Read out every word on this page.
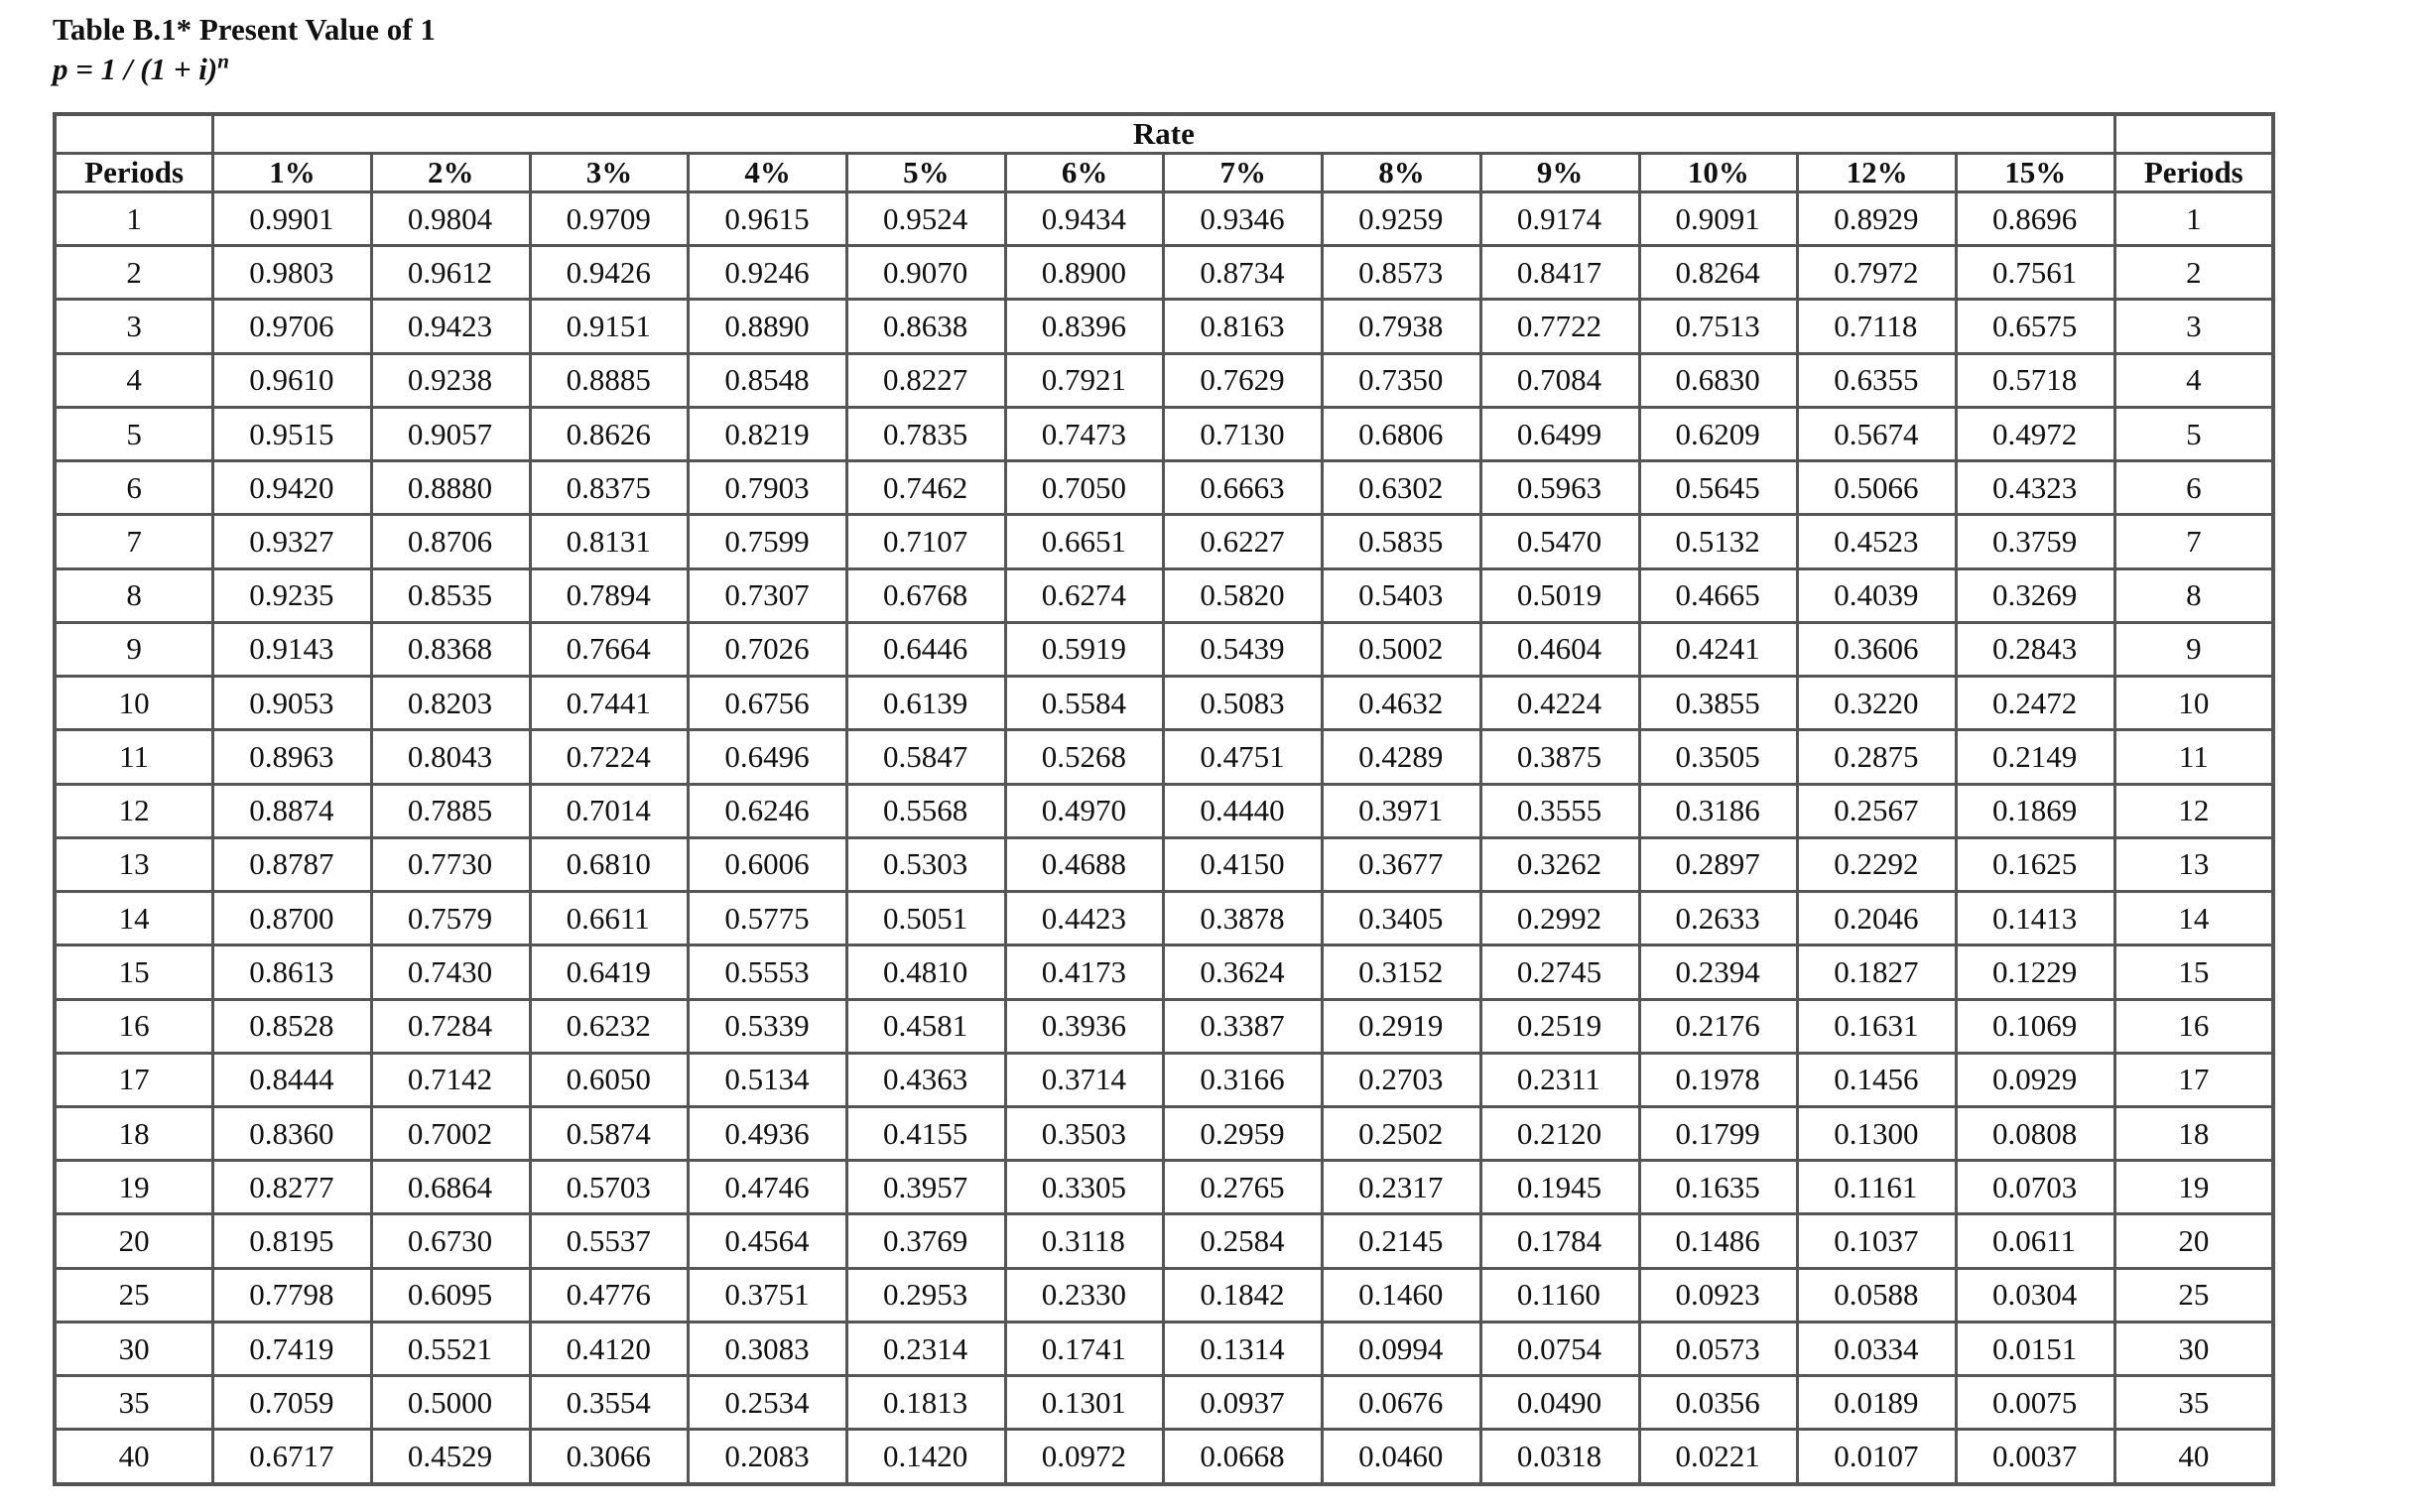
Table B.1* Present Value of 1
$p = 1 / (1 + i)^n$
	Rate												
Periods	1%	2%	3%	4%	5%	6%	7%	8%	9%	10%	12%	15%	Periods
1	0.9901	0.9804	0.9709	0.9615	0.9524	0.9434	0.9346	0.9259	0.9174	0.9091	0.8929	0.8696	1
2	0.9803	0.9612	0.9426	0.9246	0.9070	0.8900	0.8734	0.8573	0.8417	0.8264	0.7972	0.7561	2
3	0.9706	0.9423	0.9151	0.8890	0.8638	0.8396	0.8163	0.7938	0.7722	0.7513	0.7118	0.6575	3
4	0.9610	0.9238	0.8885	0.8548	0.8227	0.7921	0.7629	0.7350	0.7084	0.6830	0.6355	0.5718	4
5	0.9515	0.9057	0.8626	0.8219	0.7835	0.7473	0.7130	0.6806	0.6499	0.6209	0.5674	0.4972	5
6	0.9420	0.8880	0.8375	0.7903	0.7462	0.7050	0.6663	0.6302	0.5963	0.5645	0.5066	0.4323	6
7	0.9327	0.8706	0.8131	0.7599	0.7107	0.6651	0.6227	0.5835	0.5470	0.5132	0.4523	0.3759	7
8	0.9235	0.8535	0.7894	0.7307	0.6768	0.6274	0.5820	0.5403	0.5019	0.4665	0.4039	0.3269	8
9	0.9143	0.8368	0.7664	0.7026	0.6446	0.5919	0.5439	0.5002	0.4604	0.4241	0.3606	0.2843	9
10	0.9053	0.8203	0.7441	0.6756	0.6139	0.5584	0.5083	0.4632	0.4224	0.3855	0.3220	0.2472	10
11	0.8963	0.8043	0.7224	0.6496	0.5847	0.5268	0.4751	0.4289	0.3875	0.3505	0.2875	0.2149	11
12	0.8874	0.7885	0.7014	0.6246	0.5568	0.4970	0.4440	0.3971	0.3555	0.3186	0.2567	0.1869	12
13	0.8787	0.7730	0.6810	0.6006	0.5303	0.4688	0.4150	0.3677	0.3262	0.2897	0.2292	0.1625	13
14	0.8700	0.7579	0.6611	0.5775	0.5051	0.4423	0.3878	0.3405	0.2992	0.2633	0.2046	0.1413	14
15	0.8613	0.7430	0.6419	0.5553	0.4810	0.4173	0.3624	0.3152	0.2745	0.2394	0.1827	0.1229	15
16	0.8528	0.7284	0.6232	0.5339	0.4581	0.3936	0.3387	0.2919	0.2519	0.2176	0.1631	0.1069	16
17	0.8444	0.7142	0.6050	0.5134	0.4363	0.3714	0.3166	0.2703	0.2311	0.1978	0.1456	0.0929	17
18	0.8360	0.7002	0.5874	0.4936	0.4155	0.3503	0.2959	0.2502	0.2120	0.1799	0.1300	0.0808	18
19	0.8277	0.6864	0.5703	0.4746	0.3957	0.3305	0.2765	0.2317	0.1945	0.1635	0.1161	0.0703	19
20	0.8195	0.6730	0.5537	0.4564	0.3769	0.3118	0.2584	0.2145	0.1784	0.1486	0.1037	0.0611	20
25	0.7798	0.6095	0.4776	0.3751	0.2953	0.2330	0.1842	0.1460	0.1160	0.0923	0.0588	0.0304	25
30	0.7419	0.5521	0.4120	0.3083	0.2314	0.1741	0.1314	0.0994	0.0754	0.0573	0.0334	0.0151	30
35	0.7059	0.5000	0.3554	0.2534	0.1813	0.1301	0.0937	0.0676	0.0490	0.0356	0.0189	0.0075	35
40	0.6717	0.4529	0.3066	0.2083	0.1420	0.0972	0.0668	0.0460	0.0318	0.0221	0.0107	0.0037	40
